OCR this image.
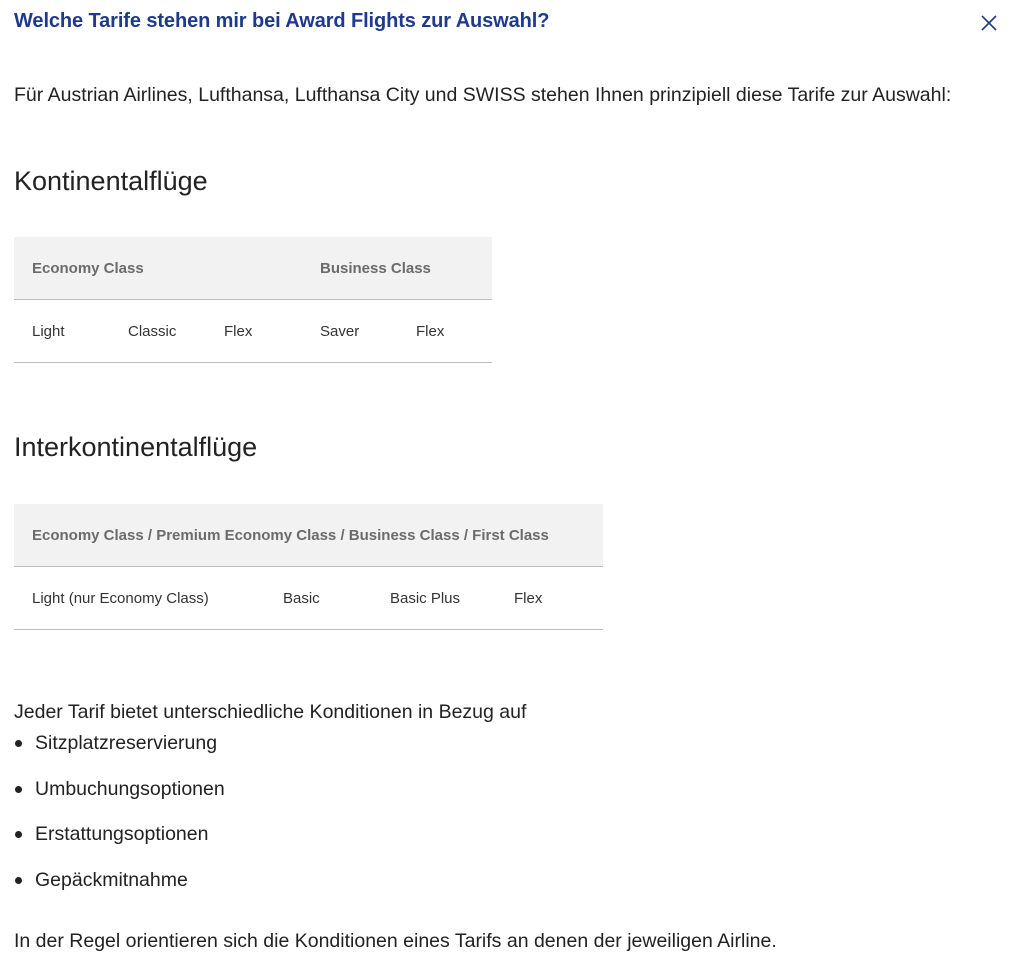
Welche Tarife stehen mir bei Award Flights zur Auswahl?

Für Austrian Airlines, Lufthansa, Lufthansa City und SWISS stehen Ihnen prinzipiell diese Tarife zur Auswahl:

Kontinentalflüge
Economy Class			Business Class	
Light	Classic	Flex	Saver	Flex
Interkontinentalflüge
Economy Class / Premium Economy Class / Business Class / First Class
Light (nur Economy Class)	Basic	Basic Plus	Flex

Jeder Tarif bietet unterschiedliche Konditionen in Bezug auf

Sitzplatzreservierung
Umbuchungsoptionen
Erstattungsoptionen
Gepäckmitnahme

In der Regel orientieren sich die Konditionen eines Tarifs an denen der jeweiligen Airline.
